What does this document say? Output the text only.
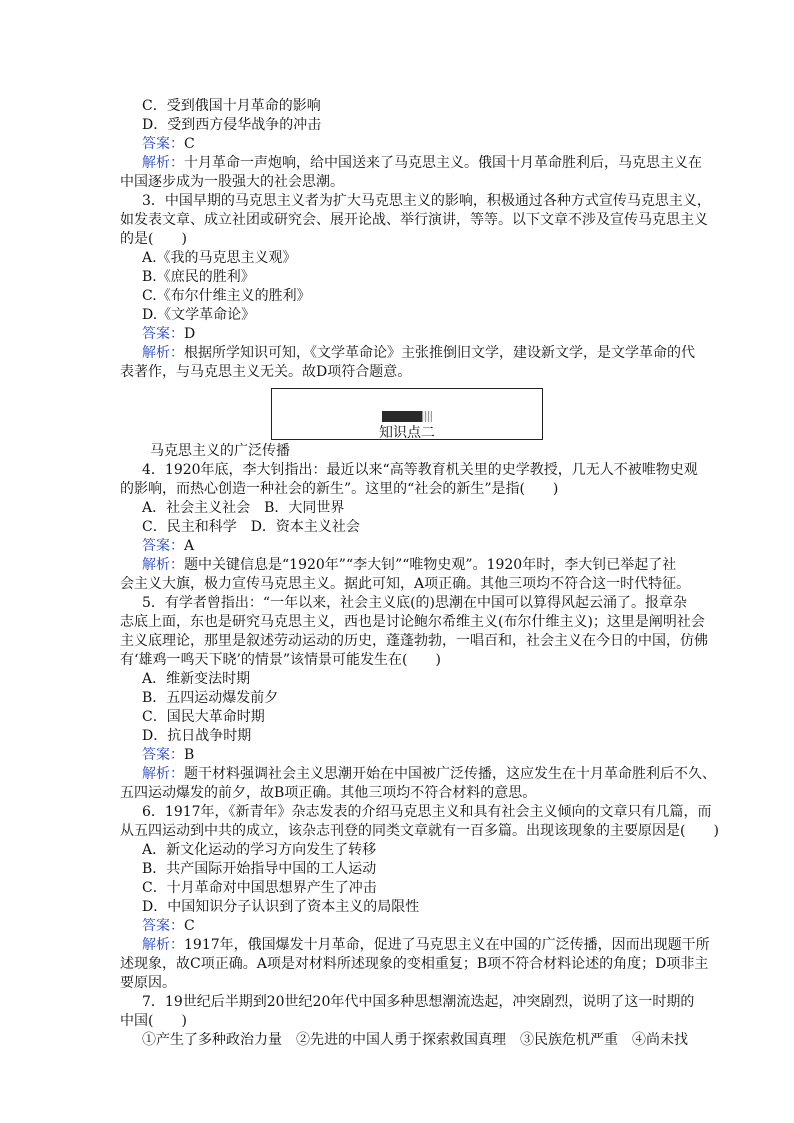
C．受到俄国十月革命的影响
D．受到西方侵华战争的冲击
答案：C
解析：十月革命一声炮响，给中国送来了马克思主义。俄国十月革命胜利后，马克思主义在
中国逐步成为一股强大的社会思潮。
3．中国早期的马克思主义者为扩大马克思主义的影响，积极通过各种方式宣传马克思主义，
如发表文章、成立社团或研究会、展开论战、举行演讲，等等。以下文章不涉及宣传马克思主义
的是(　　)
A.《我的马克思主义观》
B.《庶民的胜利》
C.《布尔什维主义的胜利》
D.《文学革命论》
答案：D
解析：根据所学知识可知，《文学革命论》主张推倒旧文学，建设新文学，是文学革命的代
表著作，与马克思主义无关。故D项符合题意。
知识点二
马克思主义的广泛传播
4．1920年底，李大钊指出：最近以来“高等教育机关里的史学教授，几无人不被唯物史观
的影响，而热心创造一种社会的新生”。这里的“社会的新生”是指(　　)
A．社会主义社会　B．大同世界
C．民主和科学　D．资本主义社会
答案：A
解析：题中关键信息是“1920年”“李大钊”“唯物史观”。1920年时，李大钊已举起了社
会主义大旗，极力宣传马克思主义。据此可知，A项正确。其他三项均不符合这一时代特征。
5．有学者曾指出：“一年以来，社会主义底(的)思潮在中国可以算得风起云涌了。报章杂
志底上面，东也是研究马克思主义，西也是讨论鲍尔希维主义(布尔什维主义)；这里是阐明社会
主义底理论，那里是叙述劳动运动的历史，蓬蓬勃勃，一唱百和，社会主义在今日的中国，仿佛
有‘雄鸡一鸣天下晓’的情景”该情景可能发生在(　　)
A．维新变法时期
B．五四运动爆发前夕
C．国民大革命时期
D．抗日战争时期
答案：B
解析：题干材料强调社会主义思潮开始在中国被广泛传播，这应发生在十月革命胜利后不久、
五四运动爆发的前夕，故B项正确。其他三项均不符合材料的意思。
6．1917年，《新青年》杂志发表的介绍马克思主义和具有社会主义倾向的文章只有几篇，而
从五四运动到中共的成立，该杂志刊登的同类文章就有一百多篇。出现该现象的主要原因是(　　)
A．新文化运动的学习方向发生了转移
B．共产国际开始指导中国的工人运动
C．十月革命对中国思想界产生了冲击
D．中国知识分子认识到了资本主义的局限性
答案：C
解析：1917年，俄国爆发十月革命，促进了马克思主义在中国的广泛传播，因而出现题干所
述现象，故C项正确。A项是对材料所述现象的变相重复；B项不符合材料论述的角度；D项非主
要原因。
7．19世纪后半期到20世纪20年代中国多种思想潮流迭起，冲突剧烈，说明了这一时期的
中国(　　)
①产生了多种政治力量　②先进的中国人勇于探索救国真理　③民族危机严重　④尚未找
